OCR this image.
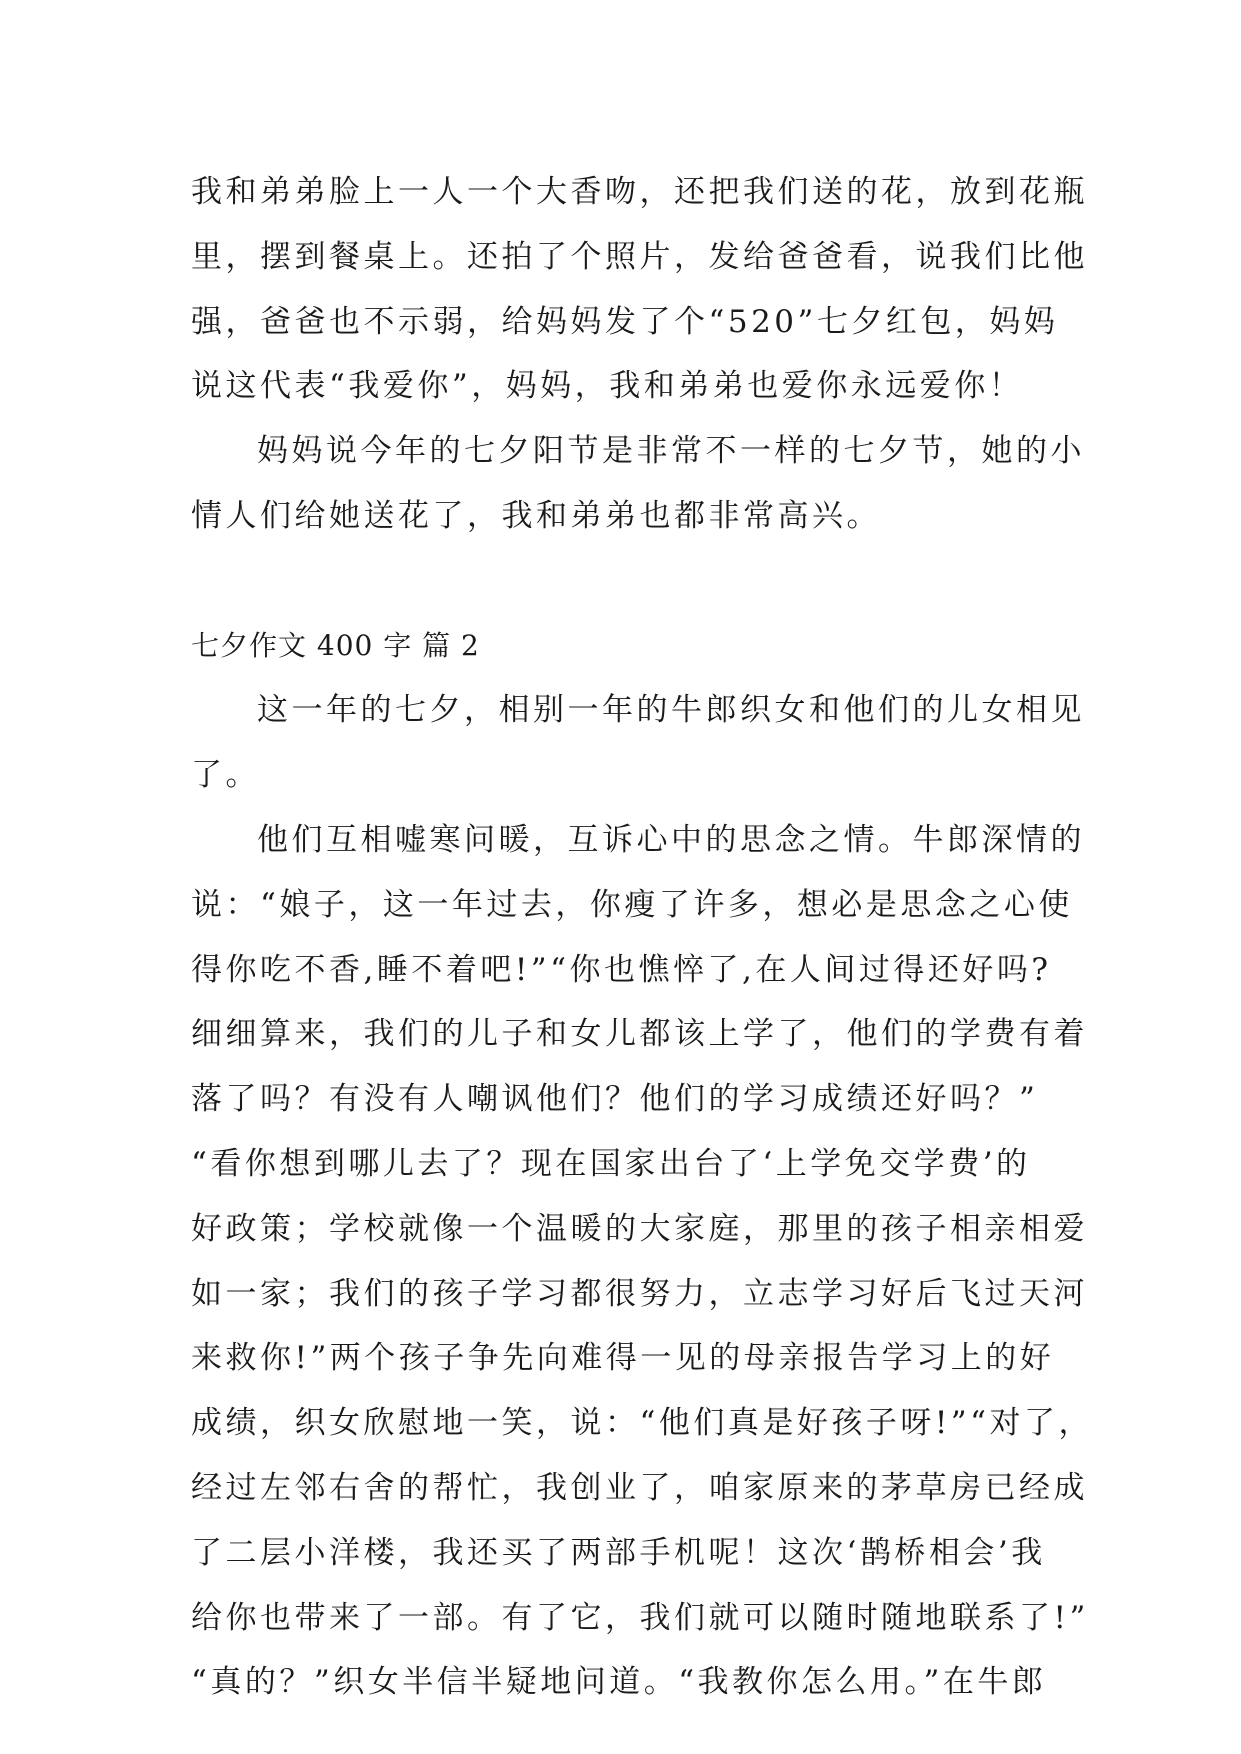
我和弟弟脸上一人一个大香吻，还把我们送的花，放到花瓶
里，摆到餐桌上。还拍了个照片，发给爸爸看，说我们比他
强，爸爸也不示弱，给妈妈发了个“520”七夕红包，妈妈
说这代表“我爱你”，妈妈，我和弟弟也爱你永远爱你！
妈妈说今年的七夕阳节是非常不一样的七夕节，她的小
情人们给她送花了，我和弟弟也都非常高兴。
七夕作文 400 字 篇 2
这一年的七夕，相别一年的牛郎织女和他们的儿女相见
了。
他们互相嘘寒问暖，互诉心中的思念之情。牛郎深情的
说：“娘子，这一年过去，你瘦了许多，想必是思念之心使
得你吃不香,睡不着吧!”“你也憔悴了,在人间过得还好吗?
细细算来，我们的儿子和女儿都该上学了，他们的学费有着
落了吗？有没有人嘲讽他们？他们的学习成绩还好吗？”
“看你想到哪儿去了？现在国家出台了‘上学免交学费’的
好政策；学校就像一个温暖的大家庭，那里的孩子相亲相爱
如一家；我们的孩子学习都很努力，立志学习好后飞过天河
来救你!”两个孩子争先向难得一见的母亲报告学习上的好
成绩，织女欣慰地一笑，说：“他们真是好孩子呀!”“对了，
经过左邻右舍的帮忙，我创业了，咱家原来的茅草房已经成
了二层小洋楼，我还买了两部手机呢！这次‘鹊桥相会’我
给你也带来了一部。有了它，我们就可以随时随地联系了!”
“真的？”织女半信半疑地问道。“我教你怎么用。”在牛郎
